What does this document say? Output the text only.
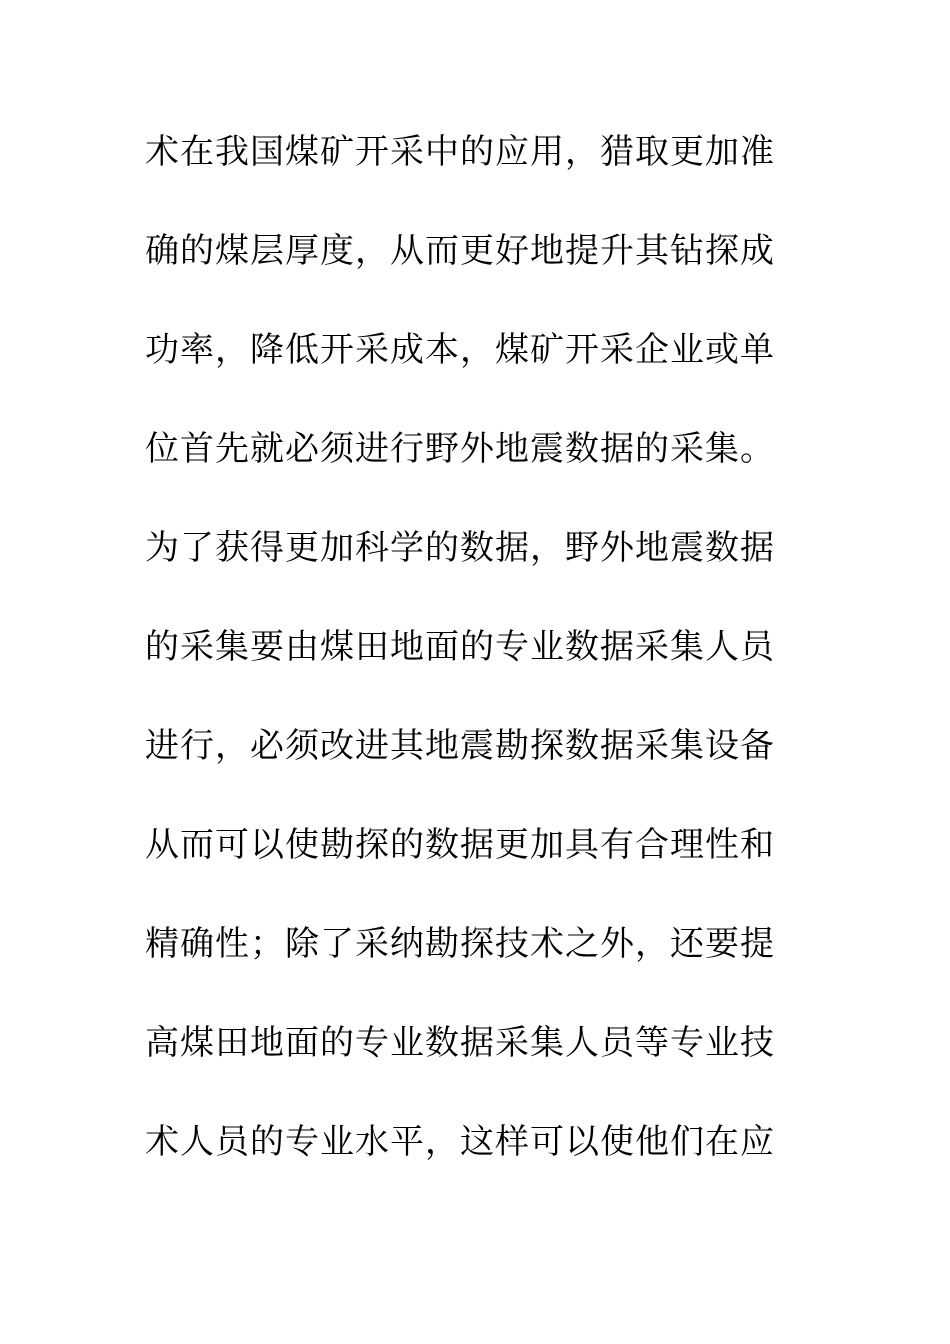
术在我国煤矿开采中的应用，猎取更加准
确的煤层厚度，从而更好地提升其钻探成
功率，降低开采成本，煤矿开采企业或单
位首先就必须进行野外地震数据的采集。
为了获得更加科学的数据，野外地震数据
的采集要由煤田地面的专业数据采集人员
进行，必须改进其地震勘探数据采集设备
从而可以使勘探的数据更加具有合理性和
精确性；除了采纳勘探技术之外，还要提
高煤田地面的专业数据采集人员等专业技
术人员的专业水平，这样可以使他们在应
